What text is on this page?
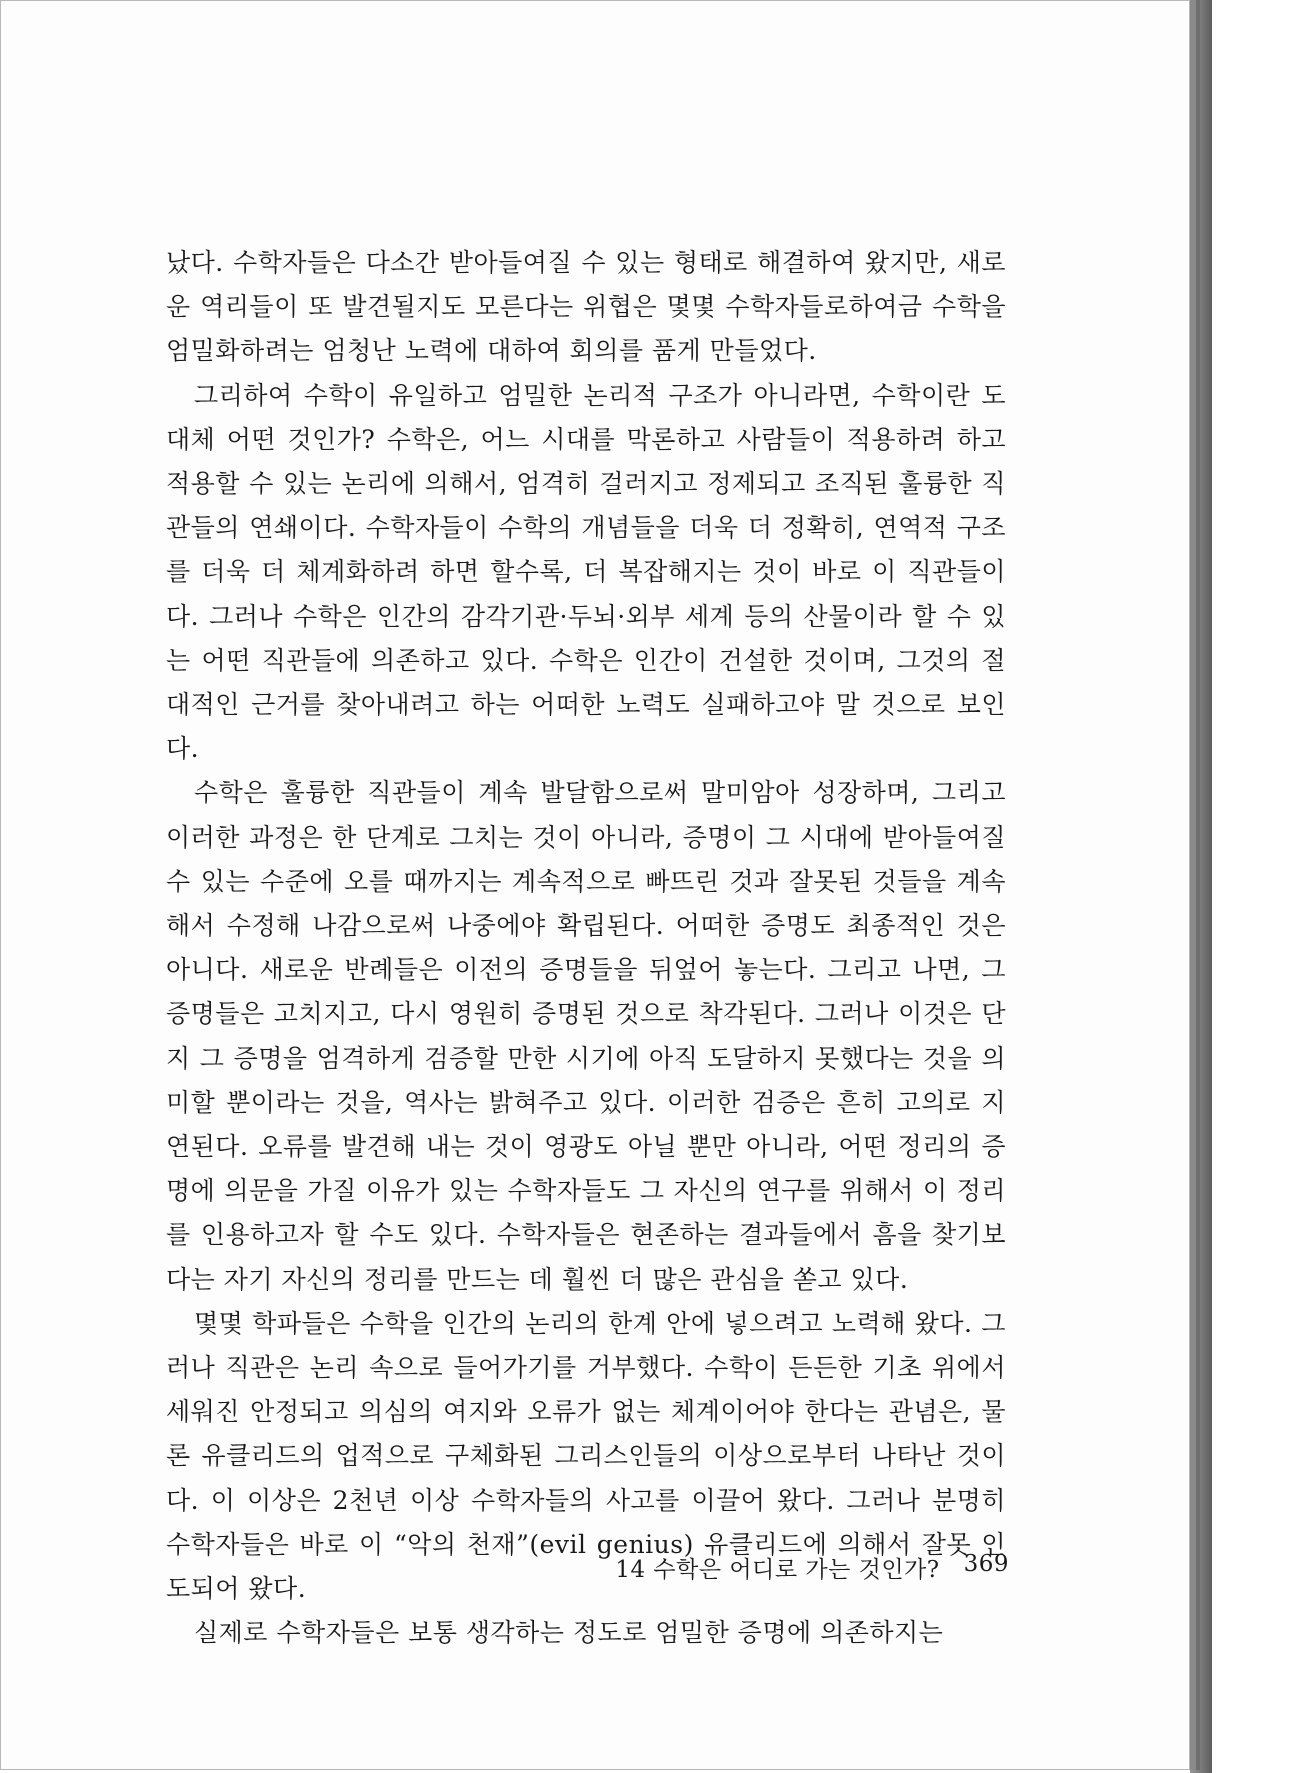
났다. 수학자들은 다소간 받아들여질 수 있는 형태로 해결하여 왔지만, 새로운 역리들이 또 발견될지도 모른다는 위협은 몇몇 수학자들로하여금 수학을 엄밀화하려는 엄청난 노력에 대하여 회의를 품게 만들었다.

그리하여 수학이 유일하고 엄밀한 논리적 구조가 아니라면, 수학이란 도대체 어떤 것인가? 수학은, 어느 시대를 막론하고 사람들이 적용하려 하고 적용할 수 있는 논리에 의해서, 엄격히 걸러지고 정제되고 조직된 훌륭한 직관들의 연쇄이다. 수학자들이 수학의 개념들을 더욱 더 정확히, 연역적 구조를 더욱 더 체계화하려 하면 할수록, 더 복잡해지는 것이 바로 이 직관들이다. 그러나 수학은 인간의 감각기관·두뇌·외부 세계 등의 산물이라 할 수 있는 어떤 직관들에 의존하고 있다. 수학은 인간이 건설한 것이며, 그것의 절대적인 근거를 찾아내려고 하는 어떠한 노력도 실패하고야 말 것으로 보인다.

수학은 훌륭한 직관들이 계속 발달함으로써 말미암아 성장하며, 그리고 이러한 과정은 한 단계로 그치는 것이 아니라, 증명이 그 시대에 받아들여질 수 있는 수준에 오를 때까지는 계속적으로 빠뜨린 것과 잘못된 것들을 계속해서 수정해 나감으로써 나중에야 확립된다. 어떠한 증명도 최종적인 것은 아니다. 새로운 반례들은 이전의 증명들을 뒤엎어 놓는다. 그리고 나면, 그 증명들은 고치지고, 다시 영원히 증명된 것으로 착각된다. 그러나 이것은 단지 그 증명을 엄격하게 검증할 만한 시기에 아직 도달하지 못했다는 것을 의미할 뿐이라는 것을, 역사는 밝혀주고 있다. 이러한 검증은 흔히 고의로 지연된다. 오류를 발견해 내는 것이 영광도 아닐 뿐만 아니라, 어떤 정리의 증명에 의문을 가질 이유가 있는 수학자들도 그 자신의 연구를 위해서 이 정리를 인용하고자 할 수도 있다. 수학자들은 현존하는 결과들에서 흠을 찾기보다는 자기 자신의 정리를 만드는 데 훨씬 더 많은 관심을 쏟고 있다.

몇몇 학파들은 수학을 인간의 논리의 한계 안에 넣으려고 노력해 왔다. 그러나 직관은 논리 속으로 들어가기를 거부했다. 수학이 든든한 기초 위에서 세워진 안정되고 의심의 여지와 오류가 없는 체계이어야 한다는 관념은, 물론 유클리드의 업적으로 구체화된 그리스인들의 이상으로부터 나타난 것이다. 이 이상은 2천년 이상 수학자들의 사고를 이끌어 왔다. 그러나 분명히 수학자들은 바로 이 “악의 천재”(evil genius) 유클리드에 의해서 잘못 인도되어 왔다.

실제로 수학자들은 보통 생각하는 정도로 엄밀한 증명에 의존하지는

14 수학은 어디로 가는 것인가? 369
